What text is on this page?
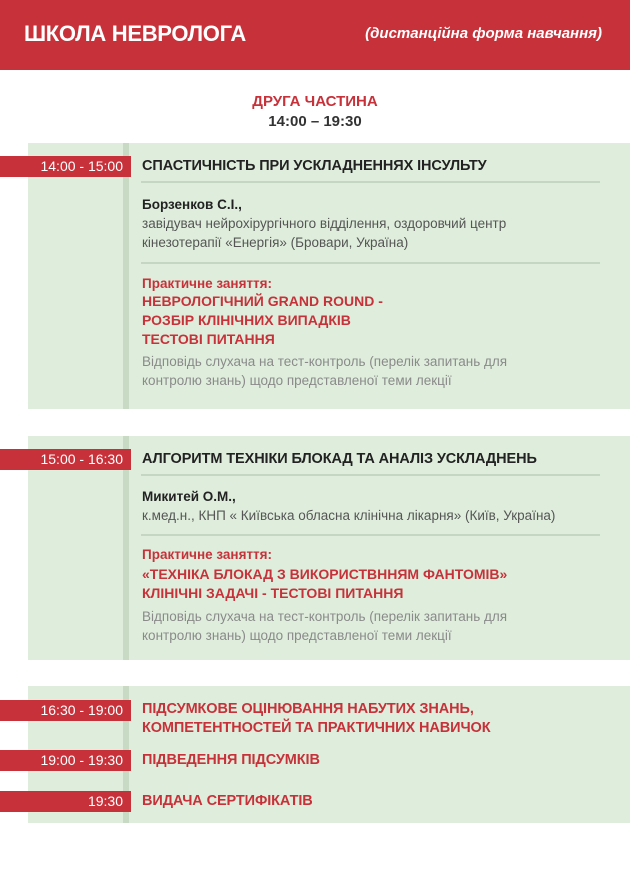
ШКОЛА НЕВРОЛОГА	(дистанційна форма навчання)
ДРУГА ЧАСТИНА
14:00 – 19:30
14:00 - 15:00	СПАСТИЧНІСТЬ ПРИ УСКЛАДНЕННЯХ ІНСУЛЬТУ
Борзенков С.І.,
завідувач нейрохірургічного відділення, оздоровчий центр
кінезотерапії «Енергія» (Бровари, Україна)
Практичне заняття:
НЕВРОЛОГІЧНИЙ GRAND ROUND -
РОЗБІР КЛІНІЧНИХ ВИПАДКІВ
ТЕСТОВІ ПИТАННЯ
Відповідь слухача на тест-контроль (перелік запитань для
контролю знань) щодо представленої теми лекції
15:00 - 16:30	АЛГОРИТМ ТЕХНІКИ БЛОКАД ТА АНАЛІЗ УСКЛАДНЕНЬ
Микитей О.М.,
к.мед.н., КНП « Київська обласна клінічна лікарня» (Київ, Україна)
Практичне заняття:
«ТЕХНІКА БЛОКАД З ВИКОРИСТВННЯМ ФАНТОМІВ»
КЛІНІЧНІ ЗАДАЧІ - ТЕСТОВІ ПИТАННЯ
Відповідь слухача на тест-контроль (перелік запитань для
контролю знань) щодо представленої теми лекції
16:30 - 19:00	ПІДСУМКОВЕ ОЦІНЮВАННЯ НАБУТИХ ЗНАНЬ,
КОМПЕТЕНТНОСТЕЙ ТА ПРАКТИЧНИХ НАВИЧОК
19:00 - 19:30	ПІДВЕДЕННЯ ПІДСУМКІВ
19:30	ВИДАЧА СЕРТИФІКАТІВ
